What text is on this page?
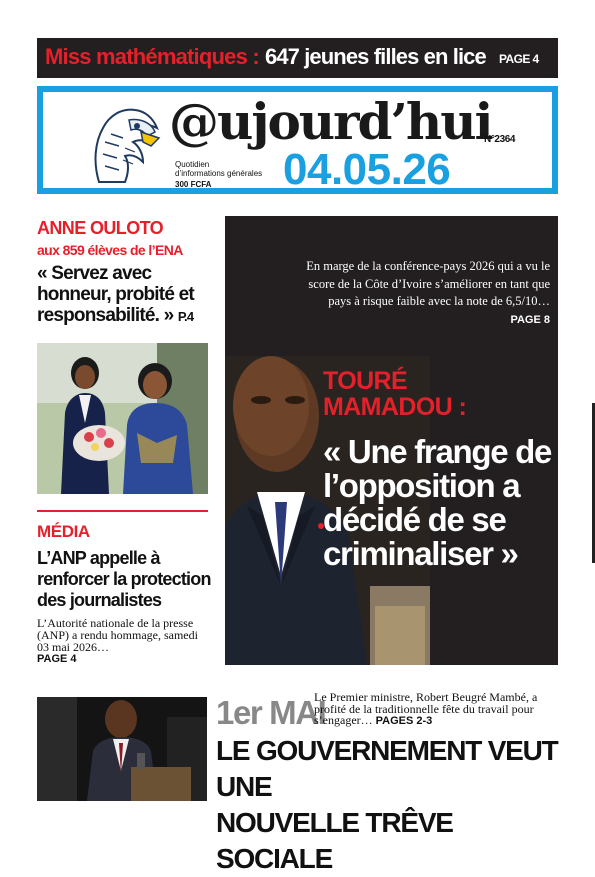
Miss mathématiques : 647 jeunes filles en lice PAGE 4
@ujourd’hui
N°2364
Quotidien
d’informations générales
300 FCFA 04.05.26
ANNE OULOTO
aux 859 élèves de l’ENA
« Servez avec honneur, probité et responsabilité. » P.4
MÉDIA
L’ANP appelle à renforcer la protection des journalistes
L’Autorité nationale de la presse (ANP) a rendu hommage, samedi 03 mai 2026…
PAGE 4
En marge de la conférence-pays 2026 qui a vu le score de la Côte d’Ivoire s’améliorer en tant que pays à risque faible avec la note de 6,5/10…PAGE 8
TOURÉ
MAMADOU :
« Une frange de l’opposition a décidé de se criminaliser »
1er MAI
Le Premier ministre, Robert Beugré Mambé, a profité de la traditionnelle fête du travail pour s’engager… PAGES 2-3
LE GOUVERNEMENT VEUT UNE
NOUVELLE TRÊVE SOCIALE
